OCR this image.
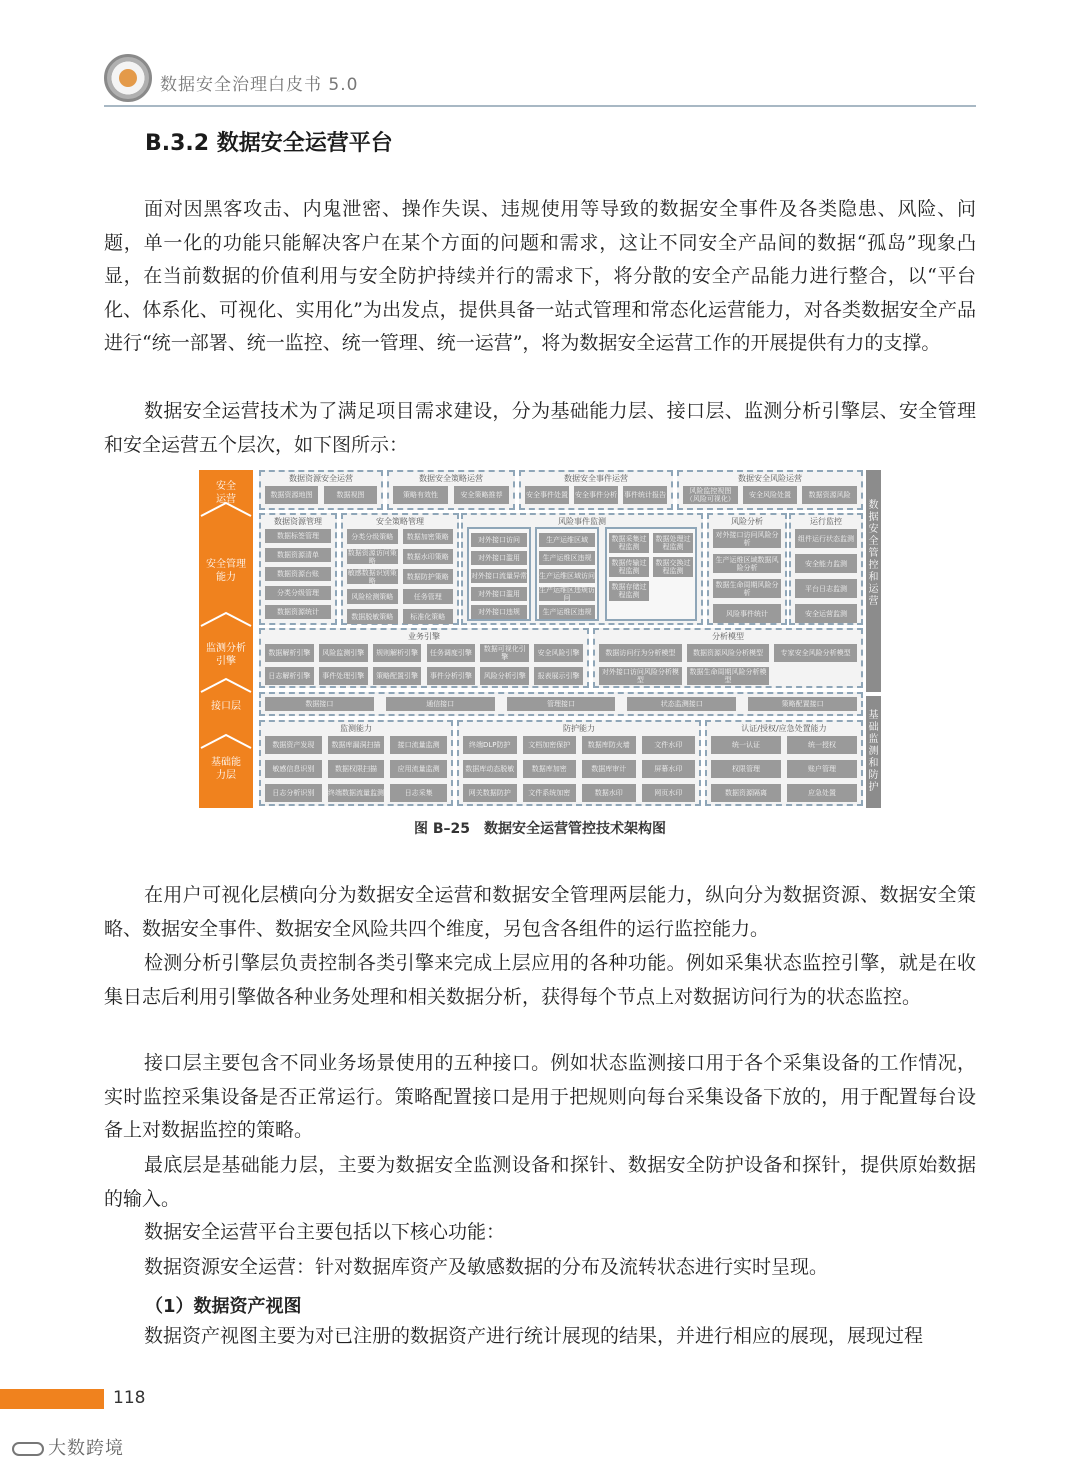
数据安全治理白皮书 5.0
B.3.2 数据安全运营平台
面对因黑客攻击、内鬼泄密、操作失误、违规使用等导致的数据安全事件及各类隐患、风险、问题，单一化的功能只能解决客户在某个方面的问题和需求，这让不同安全产品间的数据“孤岛”现象凸显，在当前数据的价值利用与安全防护持续并行的需求下，将分散的安全产品能力进行整合，以“平台化、体系化、可视化、实用化”为出发点，提供具备一站式管理和常态化运营能力，对各类数据安全产品进行“统一部署、统一监控、统一管理、统一运营”，将为数据安全运营工作的开展提供有力的支撑。
数据安全运营技术为了满足项目需求建设，分为基础能力层、接口层、监测分析引擎层、安全管理和安全运营五个层次，如下图所示：
安全
运营
安全管理
能力
监测分析
引擎
接口层
基础能
力层
数
据
安
全
管
控
和
运
营
基
础
监
测
和
防
护
数据资源安全运营
数据资源地图	数据视图
数据安全策略运营
策略有效性	安全策略推荐
数据安全事件运营
安全事件处置 安全事件分析 事件统计报告
数据安全风险运营
风险监控视图（风险可视化）	安全风险处置	数据资源风险
数据资源管理
数据标签管理
数据资源清单
数据资源台账
分类分级管理
数据资源统计
安全策略管理
分类分级策略	数据加密策略
数据资源访问策略	数据水印策略
敏感数据识别策略	数据防护策略
风险检测策略	任务管理
数据脱敏策略	标准化策略
风险事件监测
对外接口访问
对外接口滥用
对外接口流量异常
对外接口滥用
对外接口违规
生产运维区域
生产运维区违规
生产运维区域访问
生产运维区违规访问
生产运维区违规
数据采集过程监测
数据处理过程监测
数据传输过程监测
数据交换过程监测
数据存储过程监测
风险分析
对外接口访问风险分析
生产运维区域数据风险分析
数据生命周期风险分析
风险事件统计
运行监控
组件运行状态监测
安全能力监测
平台日志监测
安全运营监测
业务引擎
数据解析引擎	风险监测引擎	规则解析引擎	任务调度引擎	数据可视化引擎	安全风险引擎
日志解析引擎	事件处理引擎	策略配置引擎	事件分析引擎	风险分析引擎	报表展示引擎
分析模型
数据访问行为分析模型	数据资源风险分析模型	专家安全风险分析模型
对外接口访问风险分析模型
数据生命周期风险分析模型
数据接口	通信接口	管理接口	状态监测接口	策略配置接口
监测能力
数据资产发现	数据库漏洞扫描	接口流量监测
敏感信息识别	数据权限扫描	应用流量监测
日志分析识别	终端数据流量监测	日志采集
防护能力
终端DLP防护	文档加密保护	数据库防火墙	文件水印
数据库动态脱敏	数据库加密	数据库审计	屏幕水印
网关数据防护	文件系统加密	数据水印	网页水印
认证/授权/应急处置能力
统一认证	统一授权
权限管理	账户管理
数据资源隔离	应急处置
图 B–25　数据安全运营管控技术架构图
在用户可视化层横向分为数据安全运营和数据安全管理两层能力，纵向分为数据资源、数据安全策略、数据安全事件、数据安全风险共四个维度，另包含各组件的运行监控能力。
检测分析引擎层负责控制各类引擎来完成上层应用的各种功能。例如采集状态监控引擎，就是在收集日志后利用引擎做各种业务处理和相关数据分析，获得每个节点上对数据访问行为的状态监控。
接口层主要包含不同业务场景使用的五种接口。例如状态监测接口用于各个采集设备的工作情况，实时监控采集设备是否正常运行。策略配置接口是用于把规则向每台采集设备下放的，用于配置每台设备上对数据监控的策略。
最底层是基础能力层，主要为数据安全监测设备和探针、数据安全防护设备和探针，提供原始数据的输入。
数据安全运营平台主要包括以下核心功能：
数据资源安全运营：针对数据库资产及敏感数据的分布及流转状态进行实时呈现。
（1）数据资产视图
数据资产视图主要为对已注册的数据资产进行统计展现的结果，并进行相应的展现，展现过程
118
大数跨境
